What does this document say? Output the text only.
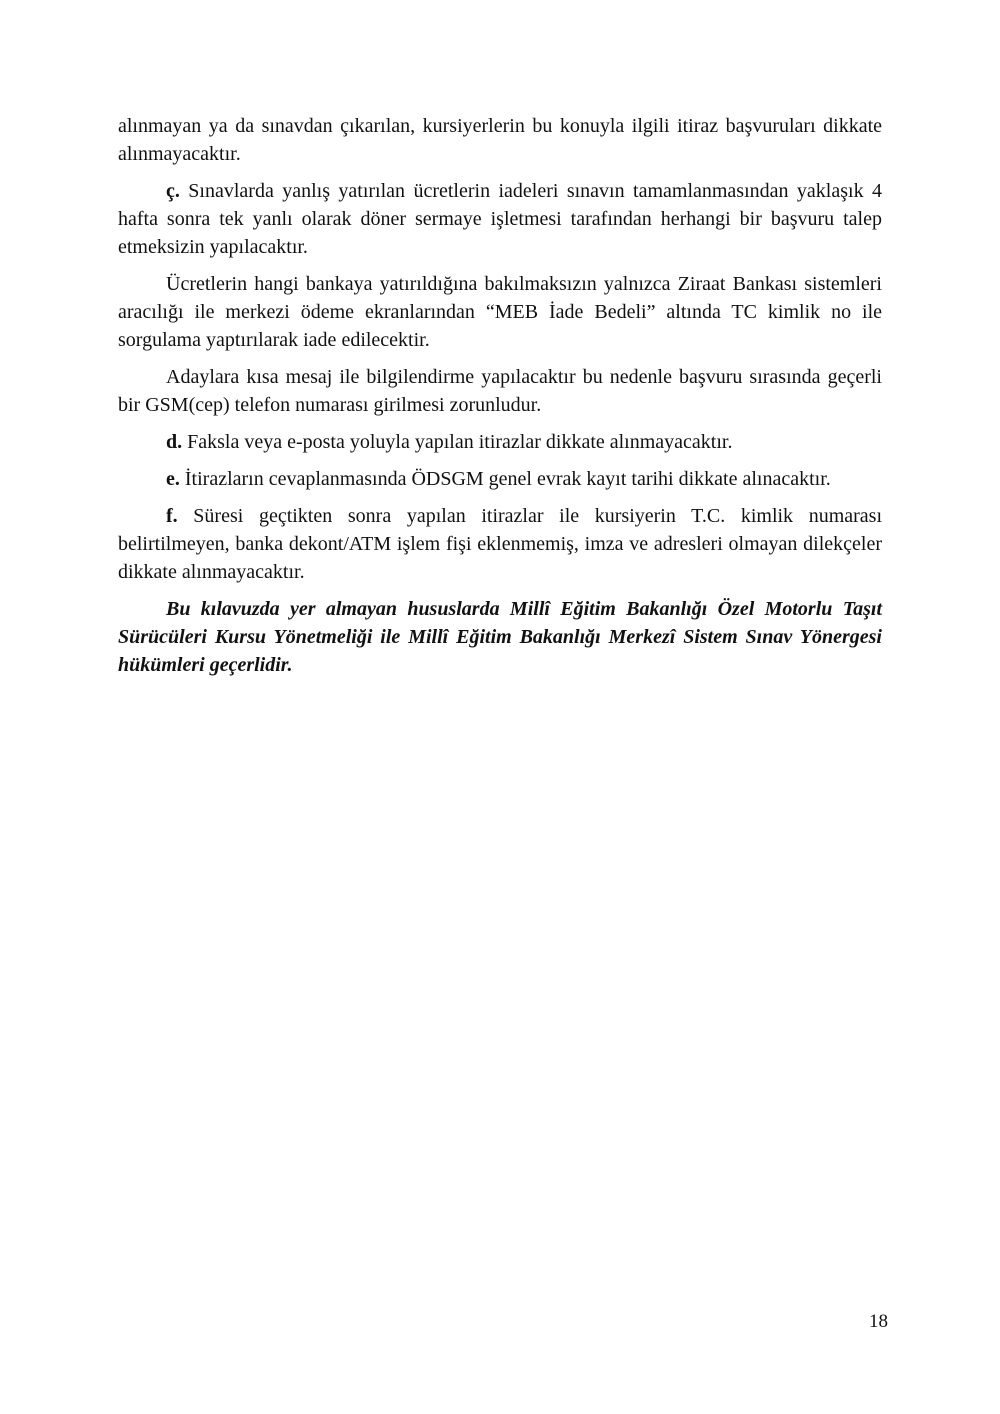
alınmayan ya da sınavdan çıkarılan, kursiyerlerin bu konuyla ilgili itiraz başvuruları dikkate alınmayacaktır.

ç. Sınavlarda yanlış yatırılan ücretlerin iadeleri sınavın tamamlanmasından yaklaşık 4 hafta sonra tek yanlı olarak döner sermaye işletmesi tarafından herhangi bir başvuru talep etmeksizin yapılacaktır.

Ücretlerin hangi bankaya yatırıldığına bakılmaksızın yalnızca Ziraat Bankası sistemleri aracılığı ile merkezi ödeme ekranlarından “MEB İade Bedeli” altında TC kimlik no ile sorgulama yaptırılarak iade edilecektir.

Adaylara kısa mesaj ile bilgilendirme yapılacaktır bu nedenle başvuru sırasında geçerli bir GSM(cep) telefon numarası girilmesi zorunludur.

d. Faksla veya e-posta yoluyla yapılan itirazlar dikkate alınmayacaktır.

e. İtirazların cevaplanmasında ÖDSGM genel evrak kayıt tarihi dikkate alınacaktır.

f. Süresi geçtikten sonra yapılan itirazlar ile kursiyerin T.C. kimlik numarası belirtilmeyen, banka dekont/ATM işlem fişi eklenmemiş, imza ve adresleri olmayan dilekçeler dikkate alınmayacaktır.

Bu kılavuzda yer almayan hususlarda Millî Eğitim Bakanlığı Özel Motorlu Taşıt Sürücüleri Kursu Yönetmeliği ile Millî Eğitim Bakanlığı Merkezî Sistem Sınav Yönergesi hükümleri geçerlidir.

18
